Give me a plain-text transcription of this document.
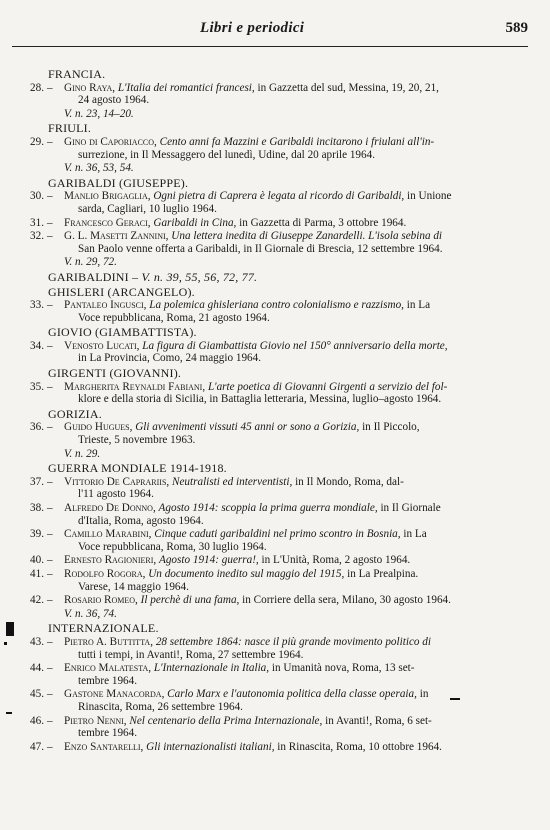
Libri e periodici	589
FRANCIA.
28. – Gino Raya, L'Italia dei romantici francesi, in Gazzetta del sud, Messina, 19, 20, 21,
24 agosto 1964.
V. n. 23, 14–20.
FRIULI.
29. – Gino di Caporiacco, Cento anni fa Mazzini e Garibaldi incitarono i friulani all'in-
surrezione, in Il Messaggero del lunedì, Udine, dal 20 aprile 1964.
V. n. 36, 53, 54.
GARIBALDI (GIUSEPPE).
30. – Manlio Brigaglia, Ogni pietra di Caprera è legata al ricordo di Garibaldi, in Unione
sarda, Cagliari, 10 luglio 1964.
31. – Francesco Geraci, Garibaldi in Cina, in Gazzetta di Parma, 3 ottobre 1964.
32. – G. L. Masetti Zannini, Una lettera inedita di Giuseppe Zanardelli. L'isola sebina di
San Paolo venne offerta a Garibaldi, in Il Giornale di Brescia, 12 settembre 1964.
V. n. 29, 72.
GARIBALDINI – V. n. 39, 55, 56, 72, 77.
GHISLERI (ARCANGELO).
33. – Pantaleo Ingusci, La polemica ghisleriana contro colonialismo e razzismo, in La
Voce repubblicana, Roma, 21 agosto 1964.
GIOVIO (GIAMBATTISTA).
34. – Venosto Lucati, La figura di Giambattista Giovio nel 150° anniversario della morte,
in La Provincia, Como, 24 maggio 1964.
GIRGENTI (GIOVANNI).
35. – Margherita Reynaldi Fabiani, L'arte poetica di Giovanni Girgenti a servizio del fol-
klore e della storia di Sicilia, in Battaglia letteraria, Messina, luglio–agosto 1964.
GORIZIA.
36. – Guido Hugues, Gli avvenimenti vissuti 45 anni or sono a Gorizia, in Il Piccolo,
Trieste, 5 novembre 1963.
V. n. 29.
GUERRA MONDIALE 1914-1918.
37. – Vittorio De Caprariis, Neutralisti ed interventisti, in Il Mondo, Roma, dal-
l'11 agosto 1964.
38. – Alfredo De Donno, Agosto 1914: scoppia la prima guerra mondiale, in Il Giornale
d'Italia, Roma, agosto 1964.
39. – Camillo Marabini, Cinque caduti garibaldini nel primo scontro in Bosnia, in La
Voce repubblicana, Roma, 30 luglio 1964.
40. – Ernesto Ragionieri, Agosto 1914: guerra!, in L'Unità, Roma, 2 agosto 1964.
41. – Rodolfo Rogora, Un documento inedito sul maggio del 1915, in La Prealpina.
Varese, 14 maggio 1964.
42. – Rosario Romeo, Il perchè di una fama, in Corriere della sera, Milano, 30 agosto 1964.
V. n. 36, 74.
INTERNAZIONALE.
43. – Pietro A. Buttitta, 28 settembre 1864: nasce il più grande movimento politico di
tutti i tempi, in Avanti!, Roma, 27 settembre 1964.
44. – Enrico Malatesta, L'Internazionale in Italia, in Umanità nova, Roma, 13 set-
tembre 1964.
45. – Gastone Manacorda, Carlo Marx e l'autonomia politica della classe operaia, in
Rinascita, Roma, 26 settembre 1964.
46. – Pietro Nenni, Nel centenario della Prima Internazionale, in Avanti!, Roma, 6 set-
tembre 1964.
47. – Enzo Santarelli, Gli internazionalisti italiani, in Rinascita, Roma, 10 ottobre 1964.
